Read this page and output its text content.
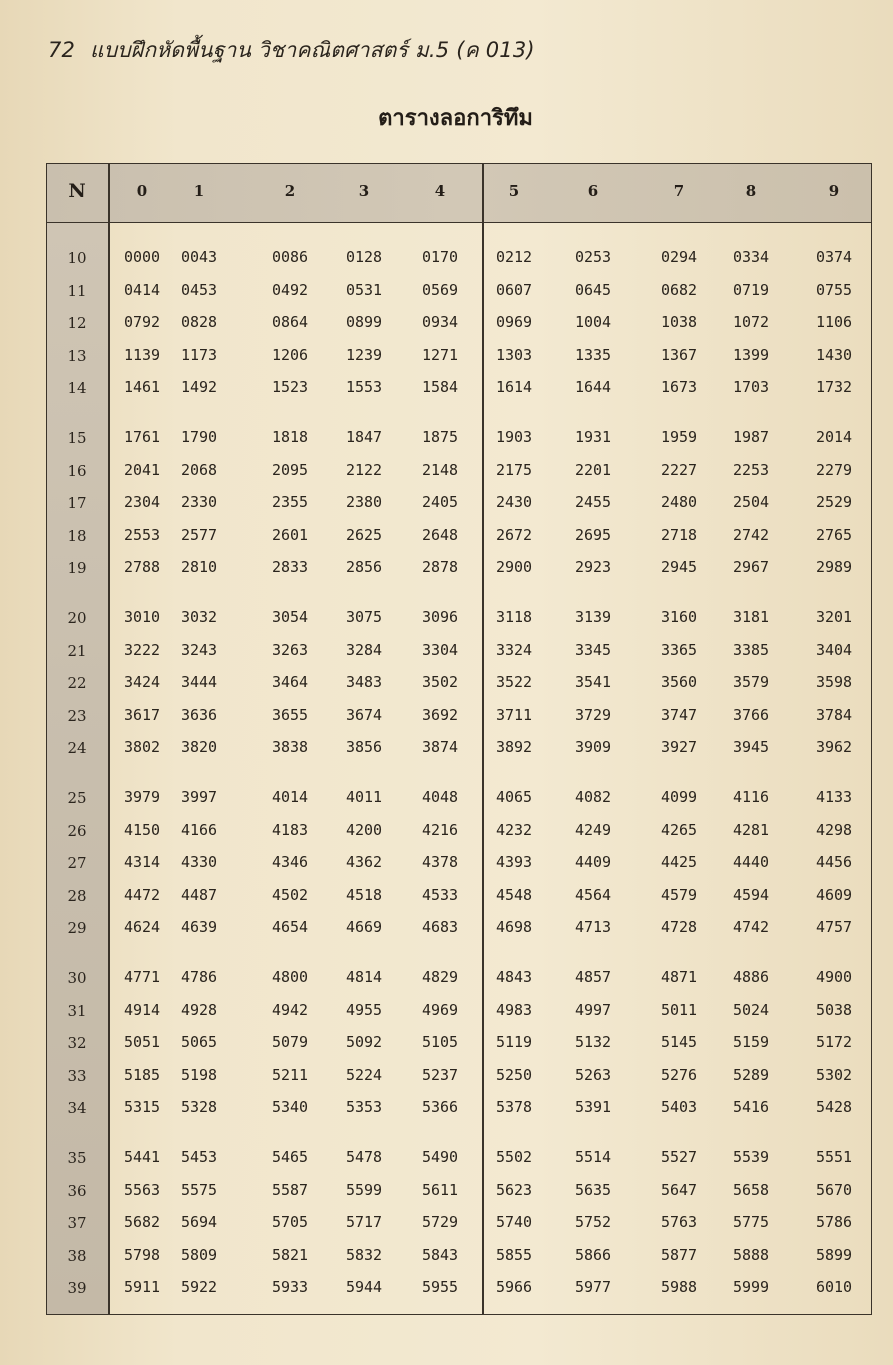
72 แบบฝึกหัดพื้นฐาน วิชาคณิตศาสตร์ ม.5 (ค 013)
ตารางลอการิทึม
N	0	1	2	3	4	5	6	7	8	9
10	0000	0043	0086	0128	0170	0212	0253	0294	0334	0374
11	0414	0453	0492	0531	0569	0607	0645	0682	0719	0755
12	0792	0828	0864	0899	0934	0969	1004	1038	1072	1106
13	1139	1173	1206	1239	1271	1303	1335	1367	1399	1430
14	1461	1492	1523	1553	1584	1614	1644	1673	1703	1732
15	1761	1790	1818	1847	1875	1903	1931	1959	1987	2014
16	2041	2068	2095	2122	2148	2175	2201	2227	2253	2279
17	2304	2330	2355	2380	2405	2430	2455	2480	2504	2529
18	2553	2577	2601	2625	2648	2672	2695	2718	2742	2765
19	2788	2810	2833	2856	2878	2900	2923	2945	2967	2989
20	3010	3032	3054	3075	3096	3118	3139	3160	3181	3201
21	3222	3243	3263	3284	3304	3324	3345	3365	3385	3404
22	3424	3444	3464	3483	3502	3522	3541	3560	3579	3598
23	3617	3636	3655	3674	3692	3711	3729	3747	3766	3784
24	3802	3820	3838	3856	3874	3892	3909	3927	3945	3962
25	3979	3997	4014	4011	4048	4065	4082	4099	4116	4133
26	4150	4166	4183	4200	4216	4232	4249	4265	4281	4298
27	4314	4330	4346	4362	4378	4393	4409	4425	4440	4456
28	4472	4487	4502	4518	4533	4548	4564	4579	4594	4609
29	4624	4639	4654	4669	4683	4698	4713	4728	4742	4757
30	4771	4786	4800	4814	4829	4843	4857	4871	4886	4900
31	4914	4928	4942	4955	4969	4983	4997	5011	5024	5038
32	5051	5065	5079	5092	5105	5119	5132	5145	5159	5172
33	5185	5198	5211	5224	5237	5250	5263	5276	5289	5302
34	5315	5328	5340	5353	5366	5378	5391	5403	5416	5428
35	5441	5453	5465	5478	5490	5502	5514	5527	5539	5551
36	5563	5575	5587	5599	5611	5623	5635	5647	5658	5670
37	5682	5694	5705	5717	5729	5740	5752	5763	5775	5786
38	5798	5809	5821	5832	5843	5855	5866	5877	5888	5899
39	5911	5922	5933	5944	5955	5966	5977	5988	5999	6010
